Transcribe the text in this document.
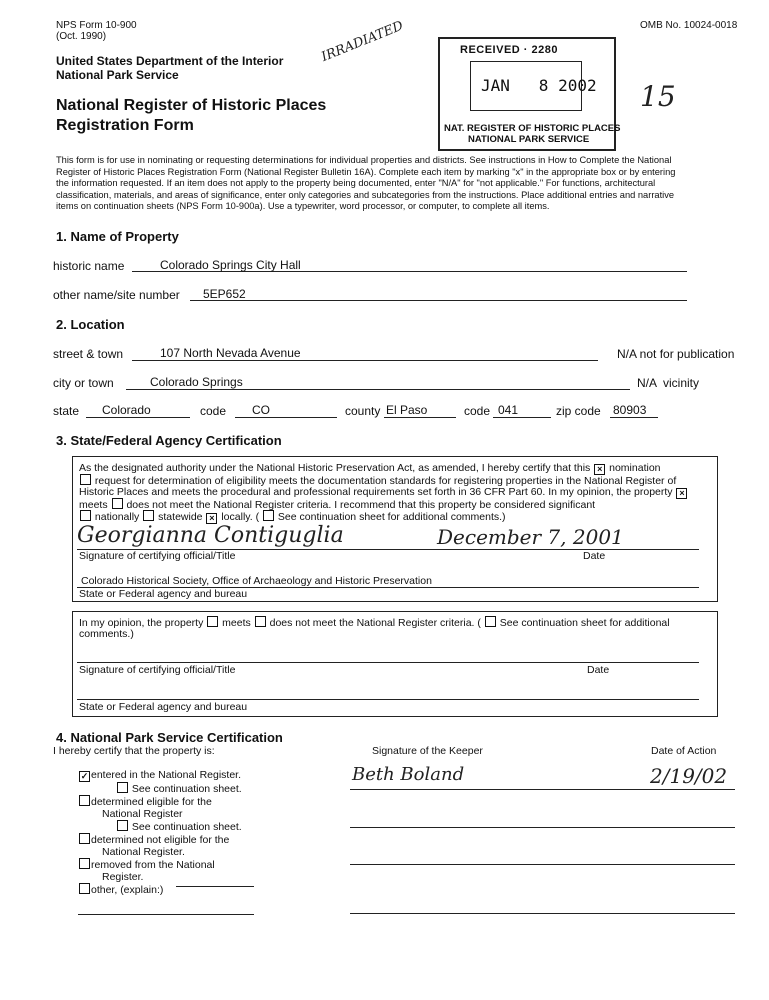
NPS Form 10-900
(Oct. 1990)
OMB No. 10024-0018
United States Department of the Interior
National Park Service
National Register of Historic Places
Registration Form
IRRADIATED
15
RECEIVED · 2280
JAN   8 2002
NAT. REGISTER OF HISTORIC PLACES
NATIONAL PARK SERVICE
This form is for use in nominating or requesting determinations for individual properties and districts. See instructions in How to Complete the National
Register of Historic Places Registration Form (National Register Bulletin 16A). Complete each item by marking "x" in the appropriate box or by entering
the information requested. If an item does not apply to the property being documented, enter "N/A" for "not applicable." For functions, architectural
classification, materials, and areas of significance, enter only categories and subcategories from the instructions. Place additional entries and narrative
items on continuation sheets (NPS Form 10-900a). Use a typewriter, word processor, or computer, to complete all items.
1. Name of Property
historic name	Colorado Springs City Hall
other name/site number 5EP652
2. Location
street & town	107 North Nevada Avenue	N/A not for publication
city or town	Colorado Springs	N/A  vicinity
state Colorado	code CO	county El Paso	code 041	zip code 80903
3. State/Federal Agency Certification
As the designated authority under the National Historic Preservation Act, as amended, I hereby certify that this × nomination
request for determination of eligibility meets the documentation standards for registering properties in the National Register of
Historic Places and meets the procedural and professional requirements set forth in 36 CFR Part 60. In my opinion, the property ×
meets does not meet the National Register criteria. I recommend that this property be considered significant
nationally statewide × locally. ( See continuation sheet for additional comments.)
Georgianna Contiguglia	December 7, 2001
Signature of certifying official/Title	Date
Colorado Historical Society, Office of Archaeology and Historic Preservation
State or Federal agency and bureau
In my opinion, the property meets does not meet the National Register criteria. ( See continuation sheet for additional
comments.)
Signature of certifying official/Title	Date
State or Federal agency and bureau
4. National Park Service Certification
I hereby certify that the property is:	Signature of the Keeper	Date of Action
Beth Boland	2/19/02
✓ entered in the National Register.
See continuation sheet.
determined eligible for the
National Register
See continuation sheet.
determined not eligible for the
National Register.
removed from the National
Register.
other, (explain:)
